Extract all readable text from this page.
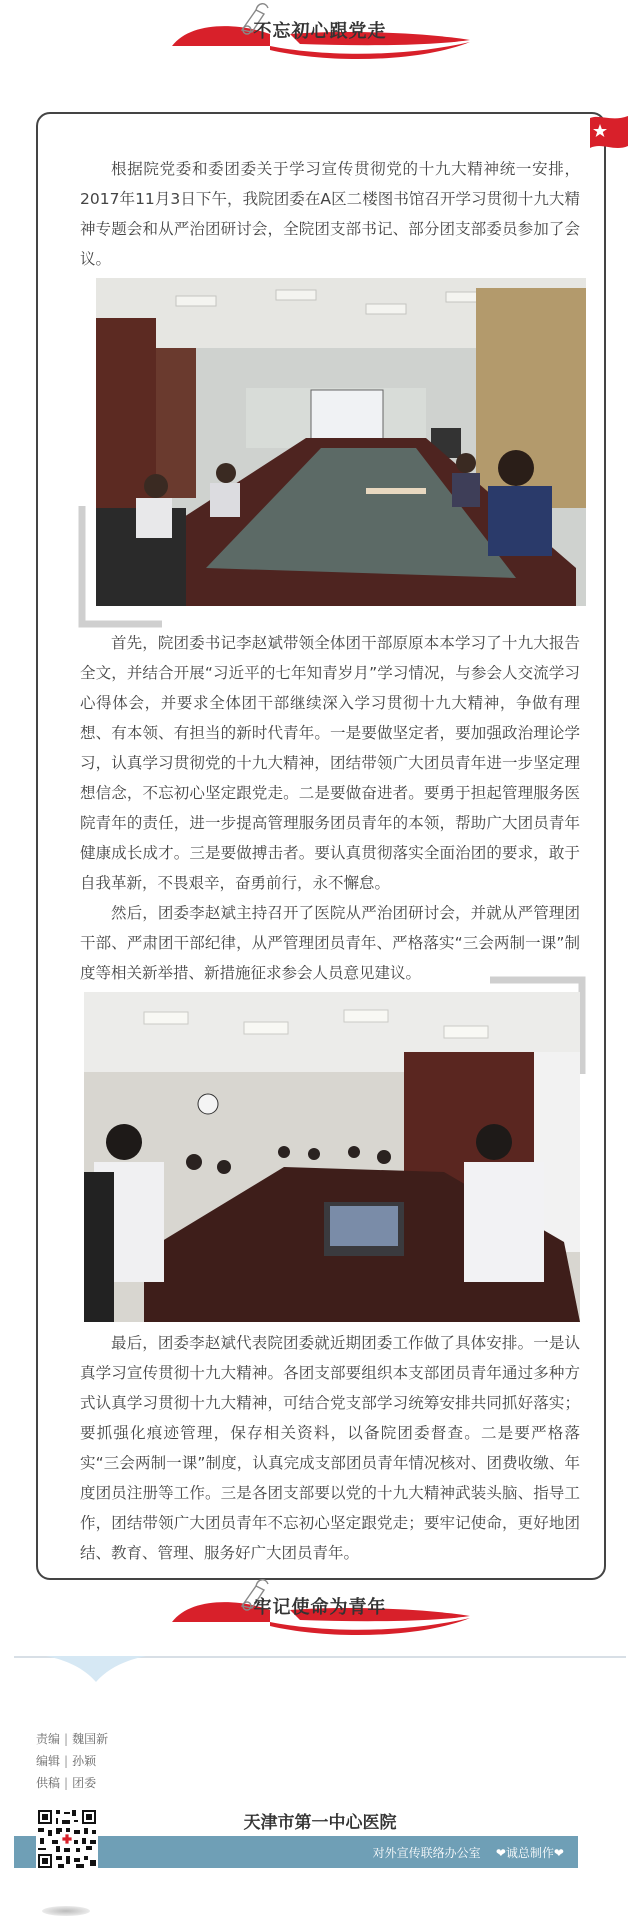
不忘初心跟党走
根据院党委和委团委关于学习宣传贯彻党的十九大精神统一安排，2017年11月3日下午，我院团委在A区二楼图书馆召开学习贯彻十九大精神专题会和从严治团研讨会，全院团支部书记、部分团支部委员参加了会议。
首先，院团委书记李赵斌带领全体团干部原原本本学习了十九大报告全文，并结合开展“习近平的七年知青岁月”学习情况，与参会人交流学习心得体会，并要求全体团干部继续深入学习贯彻十九大精神，争做有理想、有本领、有担当的新时代青年。一是要做坚定者，要加强政治理论学习，认真学习贯彻党的十九大精神，团结带领广大团员青年进一步坚定理想信念，不忘初心坚定跟党走。二是要做奋进者。要勇于担起管理服务医院青年的责任，进一步提高管理服务团员青年的本领，帮助广大团员青年健康成长成才。三是要做搏击者。要认真贯彻落实全面治团的要求，敢于自我革新，不畏艰辛，奋勇前行，永不懈怠。
然后，团委李赵斌主持召开了医院从严治团研讨会，并就从严管理团干部、严肃团干部纪律，从严管理团员青年、严格落实“三会两制一课”制度等相关新举措、新措施征求参会人员意见建议。
最后，团委李赵斌代表院团委就近期团委工作做了具体安排。一是认真学习宣传贯彻十九大精神。各团支部要组织本支部团员青年通过多种方式认真学习贯彻十九大精神，可结合党支部学习统筹安排共同抓好落实；要抓强化痕迹管理，保存相关资料，以备院团委督查。二是要严格落实“三会两制一课”制度，认真完成支部团员青年情况核对、团费收缴、年度团员注册等工作。三是各团支部要以党的十九大精神武装头脑、指导工作，团结带领广大团员青年不忘初心坚定跟党走；要牢记使命，更好地团结、教育、管理、服务好广大团员青年。
牢记使命为青年
责编 | 魏国新
编辑 | 孙颖
供稿 | 团委
天津市第一中心医院
对外宣传联络办公室 ❤诚总制作❤
